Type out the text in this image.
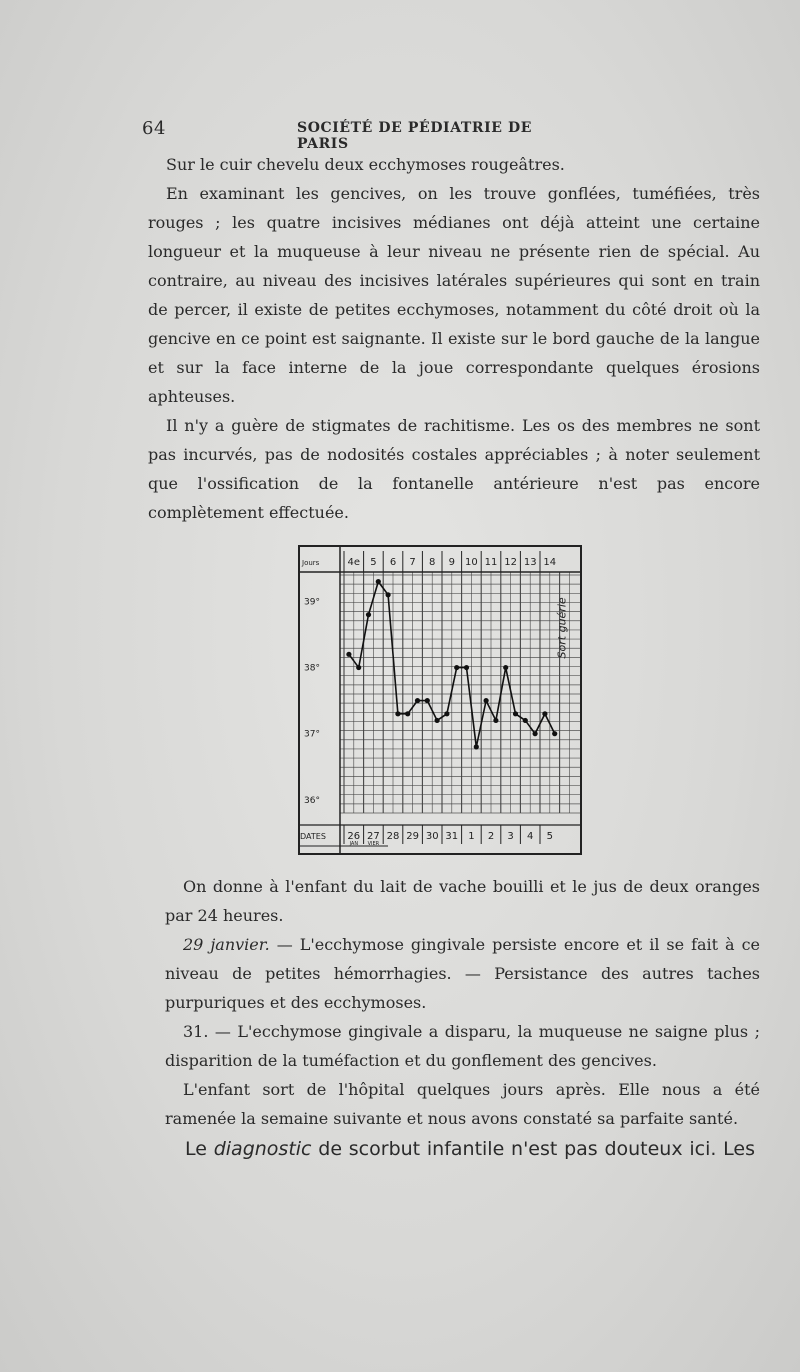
64	SOCIÉTÉ DE PÉDIATRIE DE PARIS

Sur le cuir chevelu deux ecchymoses rougeâtres.

En examinant les gencives, on les trouve gonflées, tuméfiées, très rouges ; les quatre incisives médianes ont déjà atteint une certaine longueur et la muqueuse à leur niveau ne présente rien de spécial. Au contraire, au niveau des incisives latérales supérieures qui sont en train de percer, il existe de petites ecchymoses, notamment du côté droit où la gencive en ce point est saignante. Il existe sur le bord gauche de la langue et sur la face interne de la joue correspondante quelques érosions aphteuses.

Il n'y a guère de stigmates de rachitisme. Les os des membres ne sont pas incurvés, pas de nodosités costales appréciables ; à noter seulement que l'ossification de la fontanelle antérieure n'est pas encore complètement effectuée.

Jours	4e 5 6 7 8 9 10 11 12 13 14
39°
38°
37°
36°
DATES 26 27 28 29 30 31 1 2 3 4 5
JAN VIER
Sort guérie

On donne à l'enfant du lait de vache bouilli et le jus de deux oranges par 24 heures.

29 janvier. — L'ecchymose gingivale persiste encore et il se fait à ce niveau de petites hémorrhagies. — Persistance des autres taches purpuriques et des ecchymoses.

31. — L'ecchymose gingivale a disparu, la muqueuse ne saigne plus ; disparition de la tuméfaction et du gonflement des gencives.

L'enfant sort de l'hôpital quelques jours après. Elle nous a été ramenée la semaine suivante et nous avons constaté sa parfaite santé.

Le diagnostic de scorbut infantile n'est pas douteux ici. Les
